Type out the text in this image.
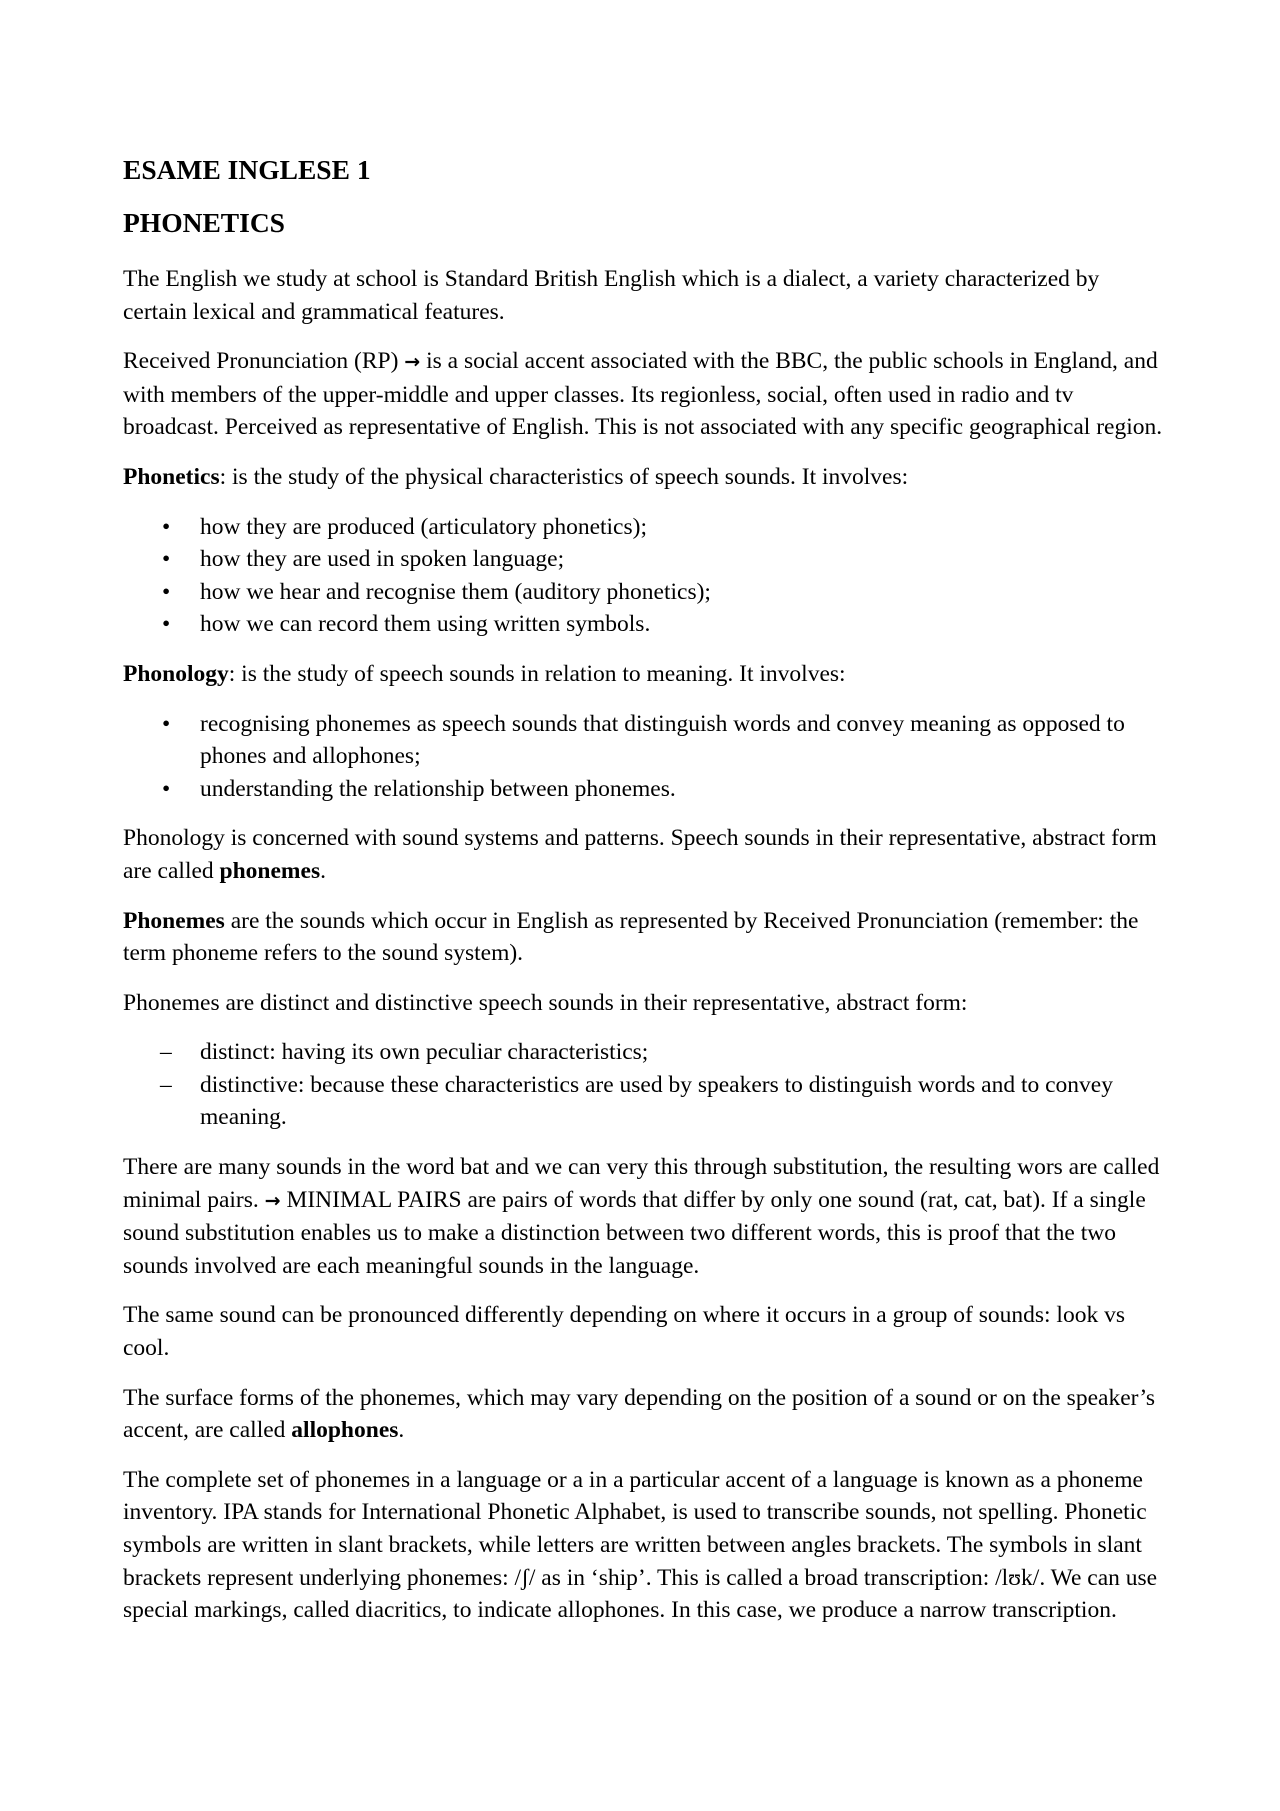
ESAME INGLESE 1
PHONETICS

The English we study at school is Standard British English which is a dialect, a variety characterized by certain lexical and grammatical features.

Received Pronunciation (RP) → is a social accent associated with the BBC, the public schools in England, and with members of the upper-middle and upper classes. Its regionless, social, often used in radio and tv broadcast. Perceived as representative of English. This is not associated with any specific geographical region.

Phonetics: is the study of the physical characteristics of speech sounds. It involves:

• how they are produced (articulatory phonetics);
• how they are used in spoken language;
• how we hear and recognise them (auditory phonetics);
• how we can record them using written symbols.

Phonology: is the study of speech sounds in relation to meaning. It involves:

• recognising phonemes as speech sounds that distinguish words and convey meaning as opposed to phones and allophones;
• understanding the relationship between phonemes.

Phonology is concerned with sound systems and patterns. Speech sounds in their representative, abstract form are called phonemes.

Phonemes are the sounds which occur in English as represented by Received Pronunciation (remember: the term phoneme refers to the sound system).

Phonemes are distinct and distinctive speech sounds in their representative, abstract form:

– distinct: having its own peculiar characteristics;
– distinctive: because these characteristics are used by speakers to distinguish words and to convey meaning.

There are many sounds in the word bat and we can very this through substitution, the resulting wors are called minimal pairs. → MINIMAL PAIRS are pairs of words that differ by only one sound (rat, cat, bat). If a single sound substitution enables us to make a distinction between two different words, this is proof that the two sounds involved are each meaningful sounds in the language.

The same sound can be pronounced differently depending on where it occurs in a group of sounds: look vs cool.

The surface forms of the phonemes, which may vary depending on the position of a sound or on the speaker’s accent, are called allophones.

The complete set of phonemes in a language or a in a particular accent of a language is known as a phoneme inventory. IPA stands for International Phonetic Alphabet, is used to transcribe sounds, not spelling. Phonetic symbols are written in slant brackets, while letters are written between angles brackets. The symbols in slant brackets represent underlying phonemes: /ʃ/ as in ‘ship’. This is called a broad transcription: /lʊk/. We can use special markings, called diacritics, to indicate allophones. In this case, we produce a narrow transcription.
